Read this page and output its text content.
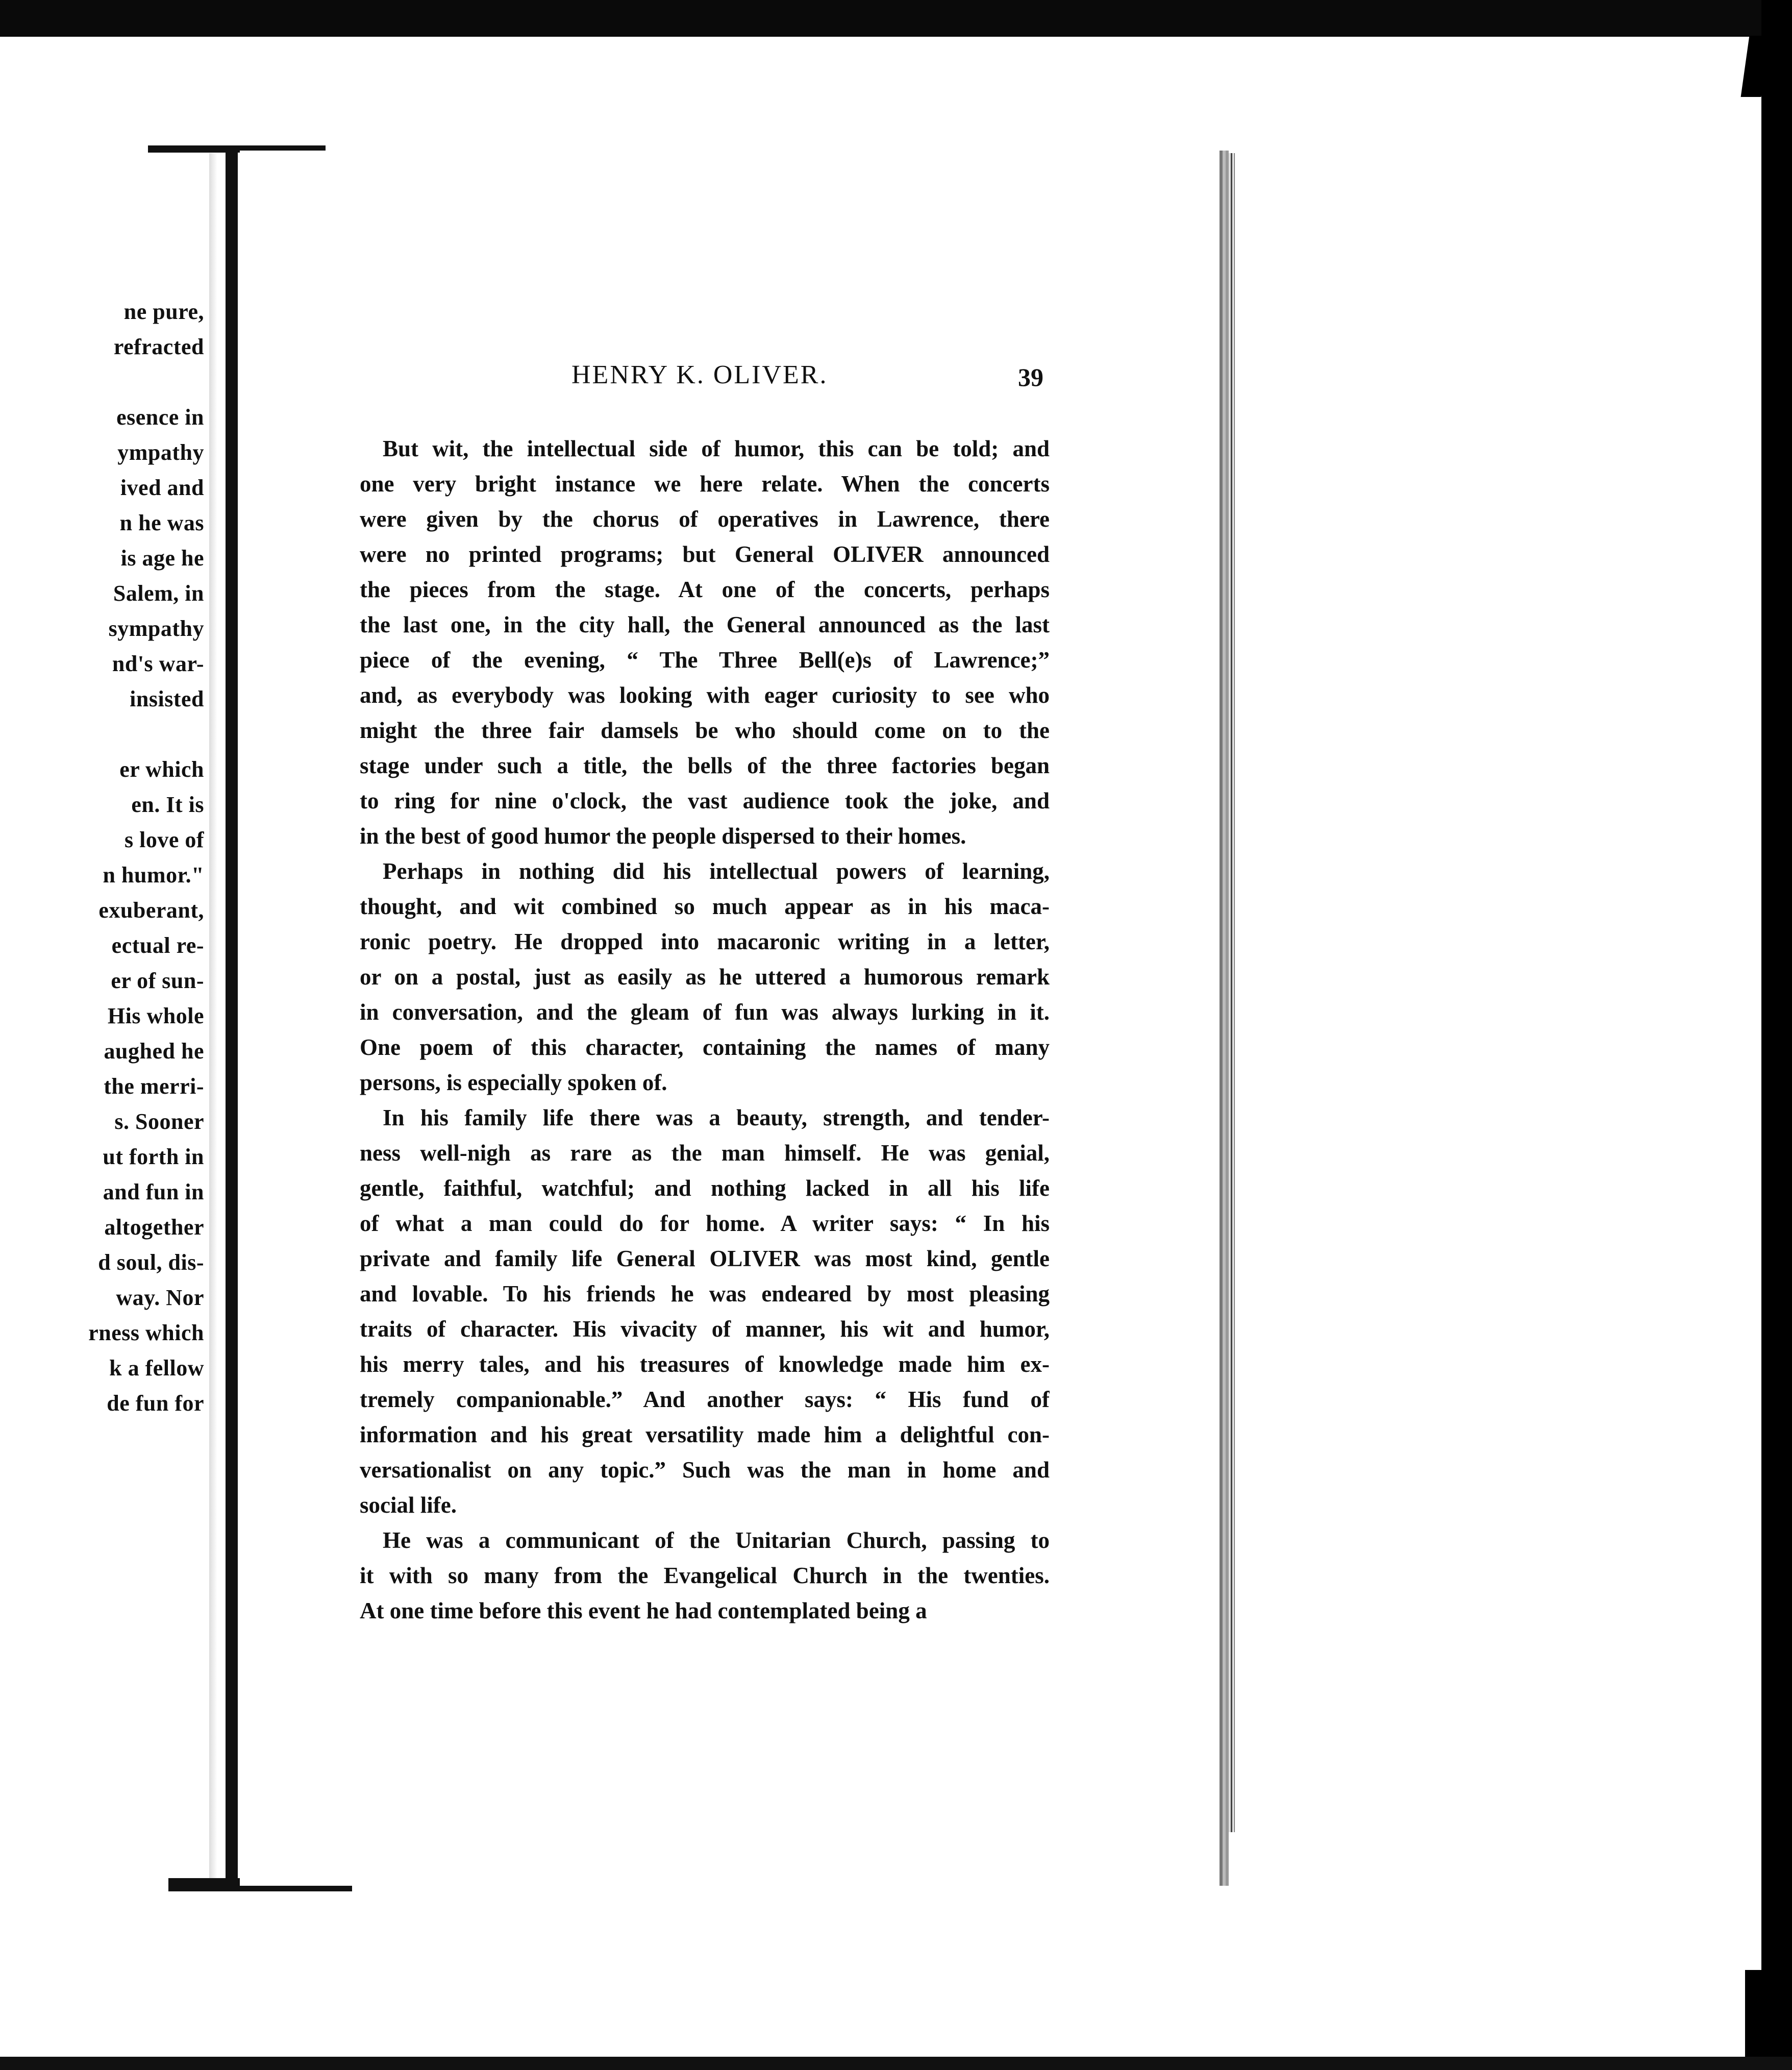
ne pure,
refracted
esence in
ympathy
ived and
n he was
is age he
Salem, in
sympathy
nd's war-
insisted
er which
en. It is
s love of
n humor."
exuberant,
ectual re-
er of sun-
His whole
aughed he
the merri-
s. Sooner
ut forth in
and fun in
altogether
d soul, dis-
way. Nor
rness which
k a fellow
de fun for
HENRY K. OLIVER.	39
But wit, the intellectual side of humor, this can be told; and
one very bright instance we here relate. When the concerts
were given by the chorus of operatives in Lawrence, there
were no printed programs; but General OLIVER announced
the pieces from the stage. At one of the concerts, perhaps
the last one, in the city hall, the General announced as the last
piece of the evening, “ The Three Bell(e)s of Lawrence;”
and, as everybody was looking with eager curiosity to see who
might the three fair damsels be who should come on to the
stage under such a title, the bells of the three factories began
to ring for nine o'clock, the vast audience took the joke, and
in the best of good humor the people dispersed to their homes.
Perhaps in nothing did his intellectual powers of learning,
thought, and wit combined so much appear as in his maca-
ronic poetry. He dropped into macaronic writing in a letter,
or on a postal, just as easily as he uttered a humorous remark
in conversation, and the gleam of fun was always lurking in it.
One poem of this character, containing the names of many
persons, is especially spoken of.
In his family life there was a beauty, strength, and tender-
ness well-nigh as rare as the man himself. He was genial,
gentle, faithful, watchful; and nothing lacked in all his life
of what a man could do for home. A writer says: “ In his
private and family life General OLIVER was most kind, gentle
and lovable. To his friends he was endeared by most pleasing
traits of character. His vivacity of manner, his wit and humor,
his merry tales, and his treasures of knowledge made him ex-
tremely companionable.” And another says: “ His fund of
information and his great versatility made him a delightful con-
versationalist on any topic.” Such was the man in home and
social life.
He was a communicant of the Unitarian Church, passing to
it with so many from the Evangelical Church in the twenties.
At one time before this event he had contemplated being a
